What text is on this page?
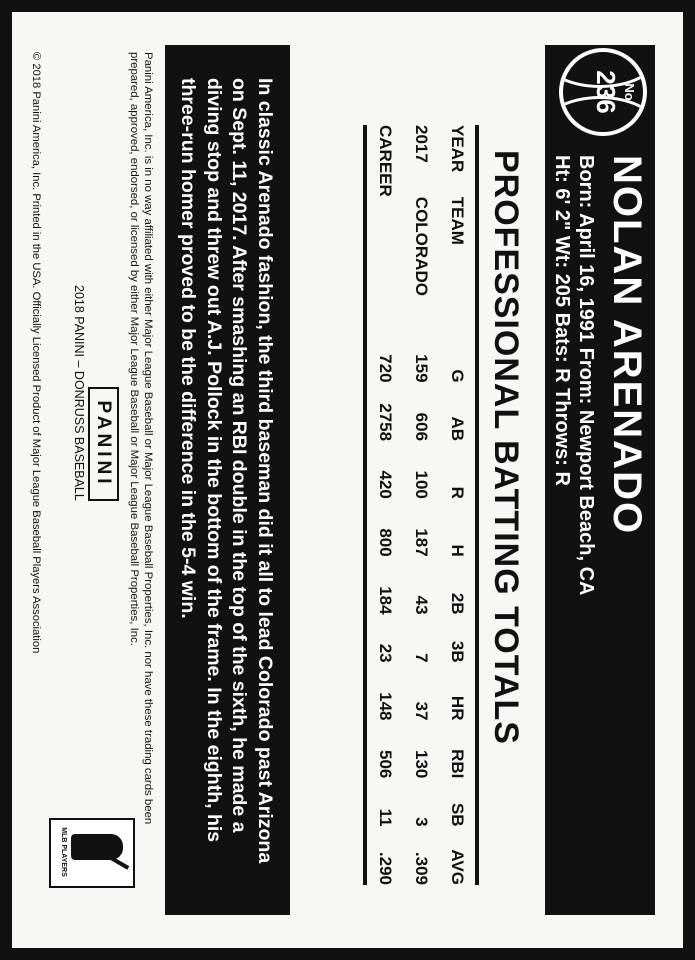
No
236
NOLAN ARENADO
Born: April 16, 1991 From: Newport Beach, CA
Ht: 6' 2" Wt: 205 Bats: R Throws: R
PROFESSIONAL BATTING TOTALS
YEAR	TEAM	G	AB	R	H	2B	3B	HR	RBI	SB	AVG
2017	COLORADO	159	606	100	187	43	7	37	130	3	.309
CAREER		720	2758	420	800	184	23	148	506	11	.290
In classic Arenado fashion, the third baseman did it all to lead Colorado past Arizona on Sept. 11, 2017. After smashing an RBI double in the top of the sixth, he made a diving stop and threw out A.J. Pollock in the bottom of the frame. In the eighth, his three-run homer proved to be the difference in the 5-4 win.
Panini America, Inc. is in no way affiliated with either Major League Baseball or Major League Baseball Properties, Inc. nor have these trading cards been prepared, approved, endorsed, or licensed by either Major League Baseball or Major League Baseball Properties, Inc.
PANINI
2018 PANINI – DONRUSS BASEBALL
© 2018 Panini America, Inc. Printed in the USA. Officially Licensed Product of Major League Baseball Players Association
MLB PLAYERS
